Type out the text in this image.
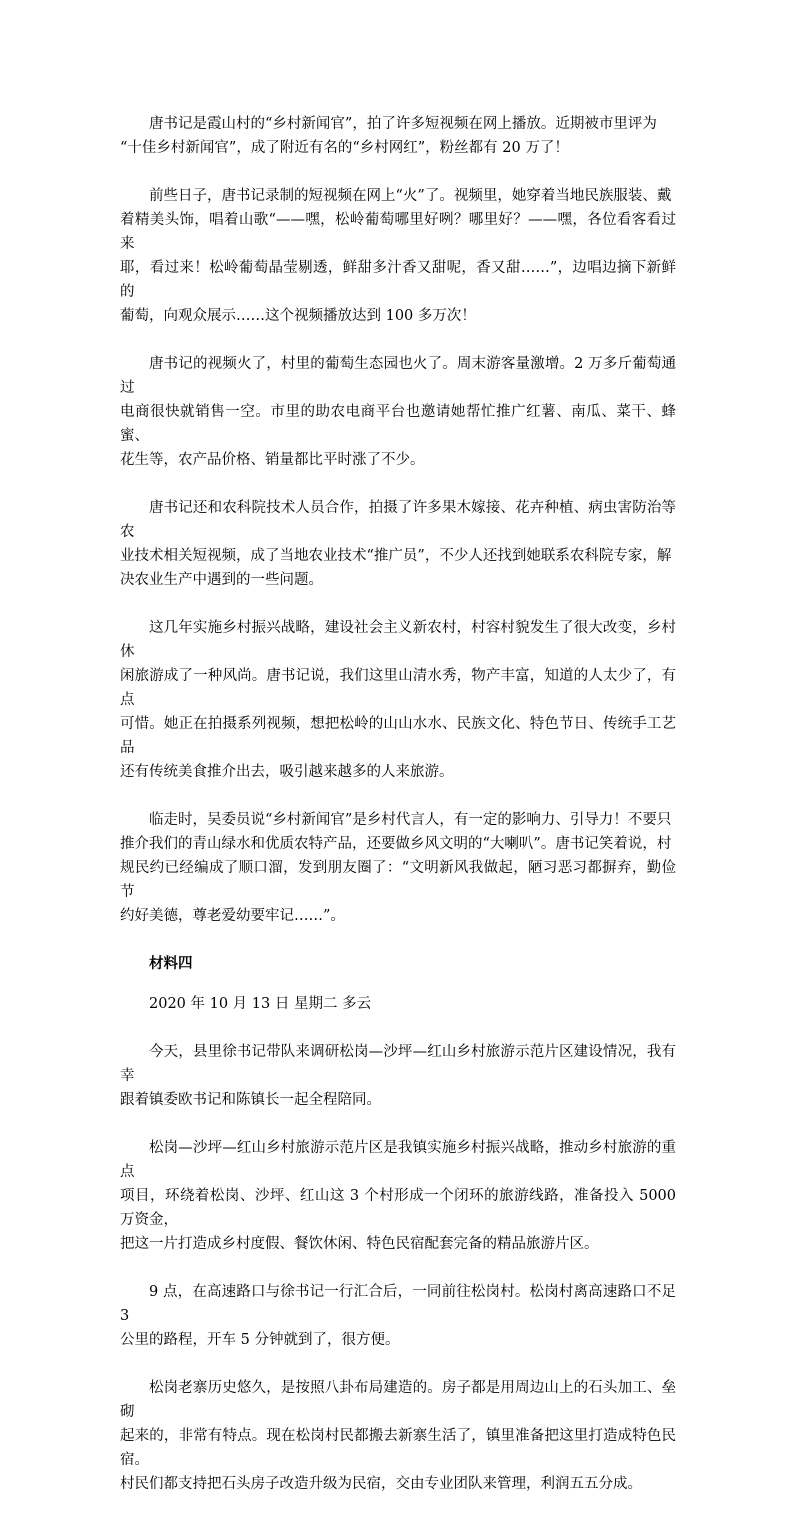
唐书记是霞山村的“乡村新闻官”，拍了许多短视频在网上播放。近期被市里评为
“十佳乡村新闻官”，成了附近有名的“乡村网红”，粉丝都有 20 万了！

前些日子，唐书记录制的短视频在网上“火”了。视频里，她穿着当地民族服装、戴
着精美头饰，唱着山歌“——嘿，松岭葡萄哪里好咧？哪里好？——嘿，各位看客看过来
耶，看过来！松岭葡萄晶莹剔透，鲜甜多汁香又甜呢，香又甜……”，边唱边摘下新鲜的
葡萄，向观众展示……这个视频播放达到 100 多万次！

唐书记的视频火了，村里的葡萄生态园也火了。周末游客量激增。2 万多斤葡萄通过
电商很快就销售一空。市里的助农电商平台也邀请她帮忙推广红薯、南瓜、菜干、蜂蜜、
花生等，农产品价格、销量都比平时涨了不少。

唐书记还和农科院技术人员合作，拍摄了许多果木嫁接、花卉种植、病虫害防治等农
业技术相关短视频，成了当地农业技术“推广员”，不少人还找到她联系农科院专家，解
决农业生产中遇到的一些问题。

这几年实施乡村振兴战略，建设社会主义新农村，村容村貌发生了很大改变，乡村休
闲旅游成了一种风尚。唐书记说，我们这里山清水秀，物产丰富，知道的人太少了，有点
可惜。她正在拍摄系列视频，想把松岭的山山水水、民族文化、特色节日、传统手工艺品
还有传统美食推介出去，吸引越来越多的人来旅游。

临走时，吴委员说“乡村新闻官”是乡村代言人，有一定的影响力、引导力！不要只
推介我们的青山绿水和优质农特产品，还要做乡风文明的“大喇叭”。唐书记笑着说，村
规民约已经编成了顺口溜，发到朋友圈了：“文明新风我做起，陋习恶习都摒弃，勤俭节
约好美德，尊老爱幼要牢记……”。

材料四
2020 年 10 月 13 日 星期二 多云

今天，县里徐书记带队来调研松岗—沙坪—红山乡村旅游示范片区建设情况，我有幸
跟着镇委欧书记和陈镇长一起全程陪同。

松岗—沙坪—红山乡村旅游示范片区是我镇实施乡村振兴战略，推动乡村旅游的重点
项目，环绕着松岗、沙坪、红山这 3 个村形成一个闭环的旅游线路，准备投入 5000 万资金，
把这一片打造成乡村度假、餐饮休闲、特色民宿配套完备的精品旅游片区。

9 点，在高速路口与徐书记一行汇合后，一同前往松岗村。松岗村离高速路口不足 3
公里的路程，开车 5 分钟就到了，很方便。

松岗老寨历史悠久，是按照八卦布局建造的。房子都是用周边山上的石头加工、垒砌
起来的，非常有特点。现在松岗村民都搬去新寨生活了，镇里准备把这里打造成特色民宿。
村民们都支持把石头房子改造升级为民宿，交由专业团队来管理，利润五五分成。
